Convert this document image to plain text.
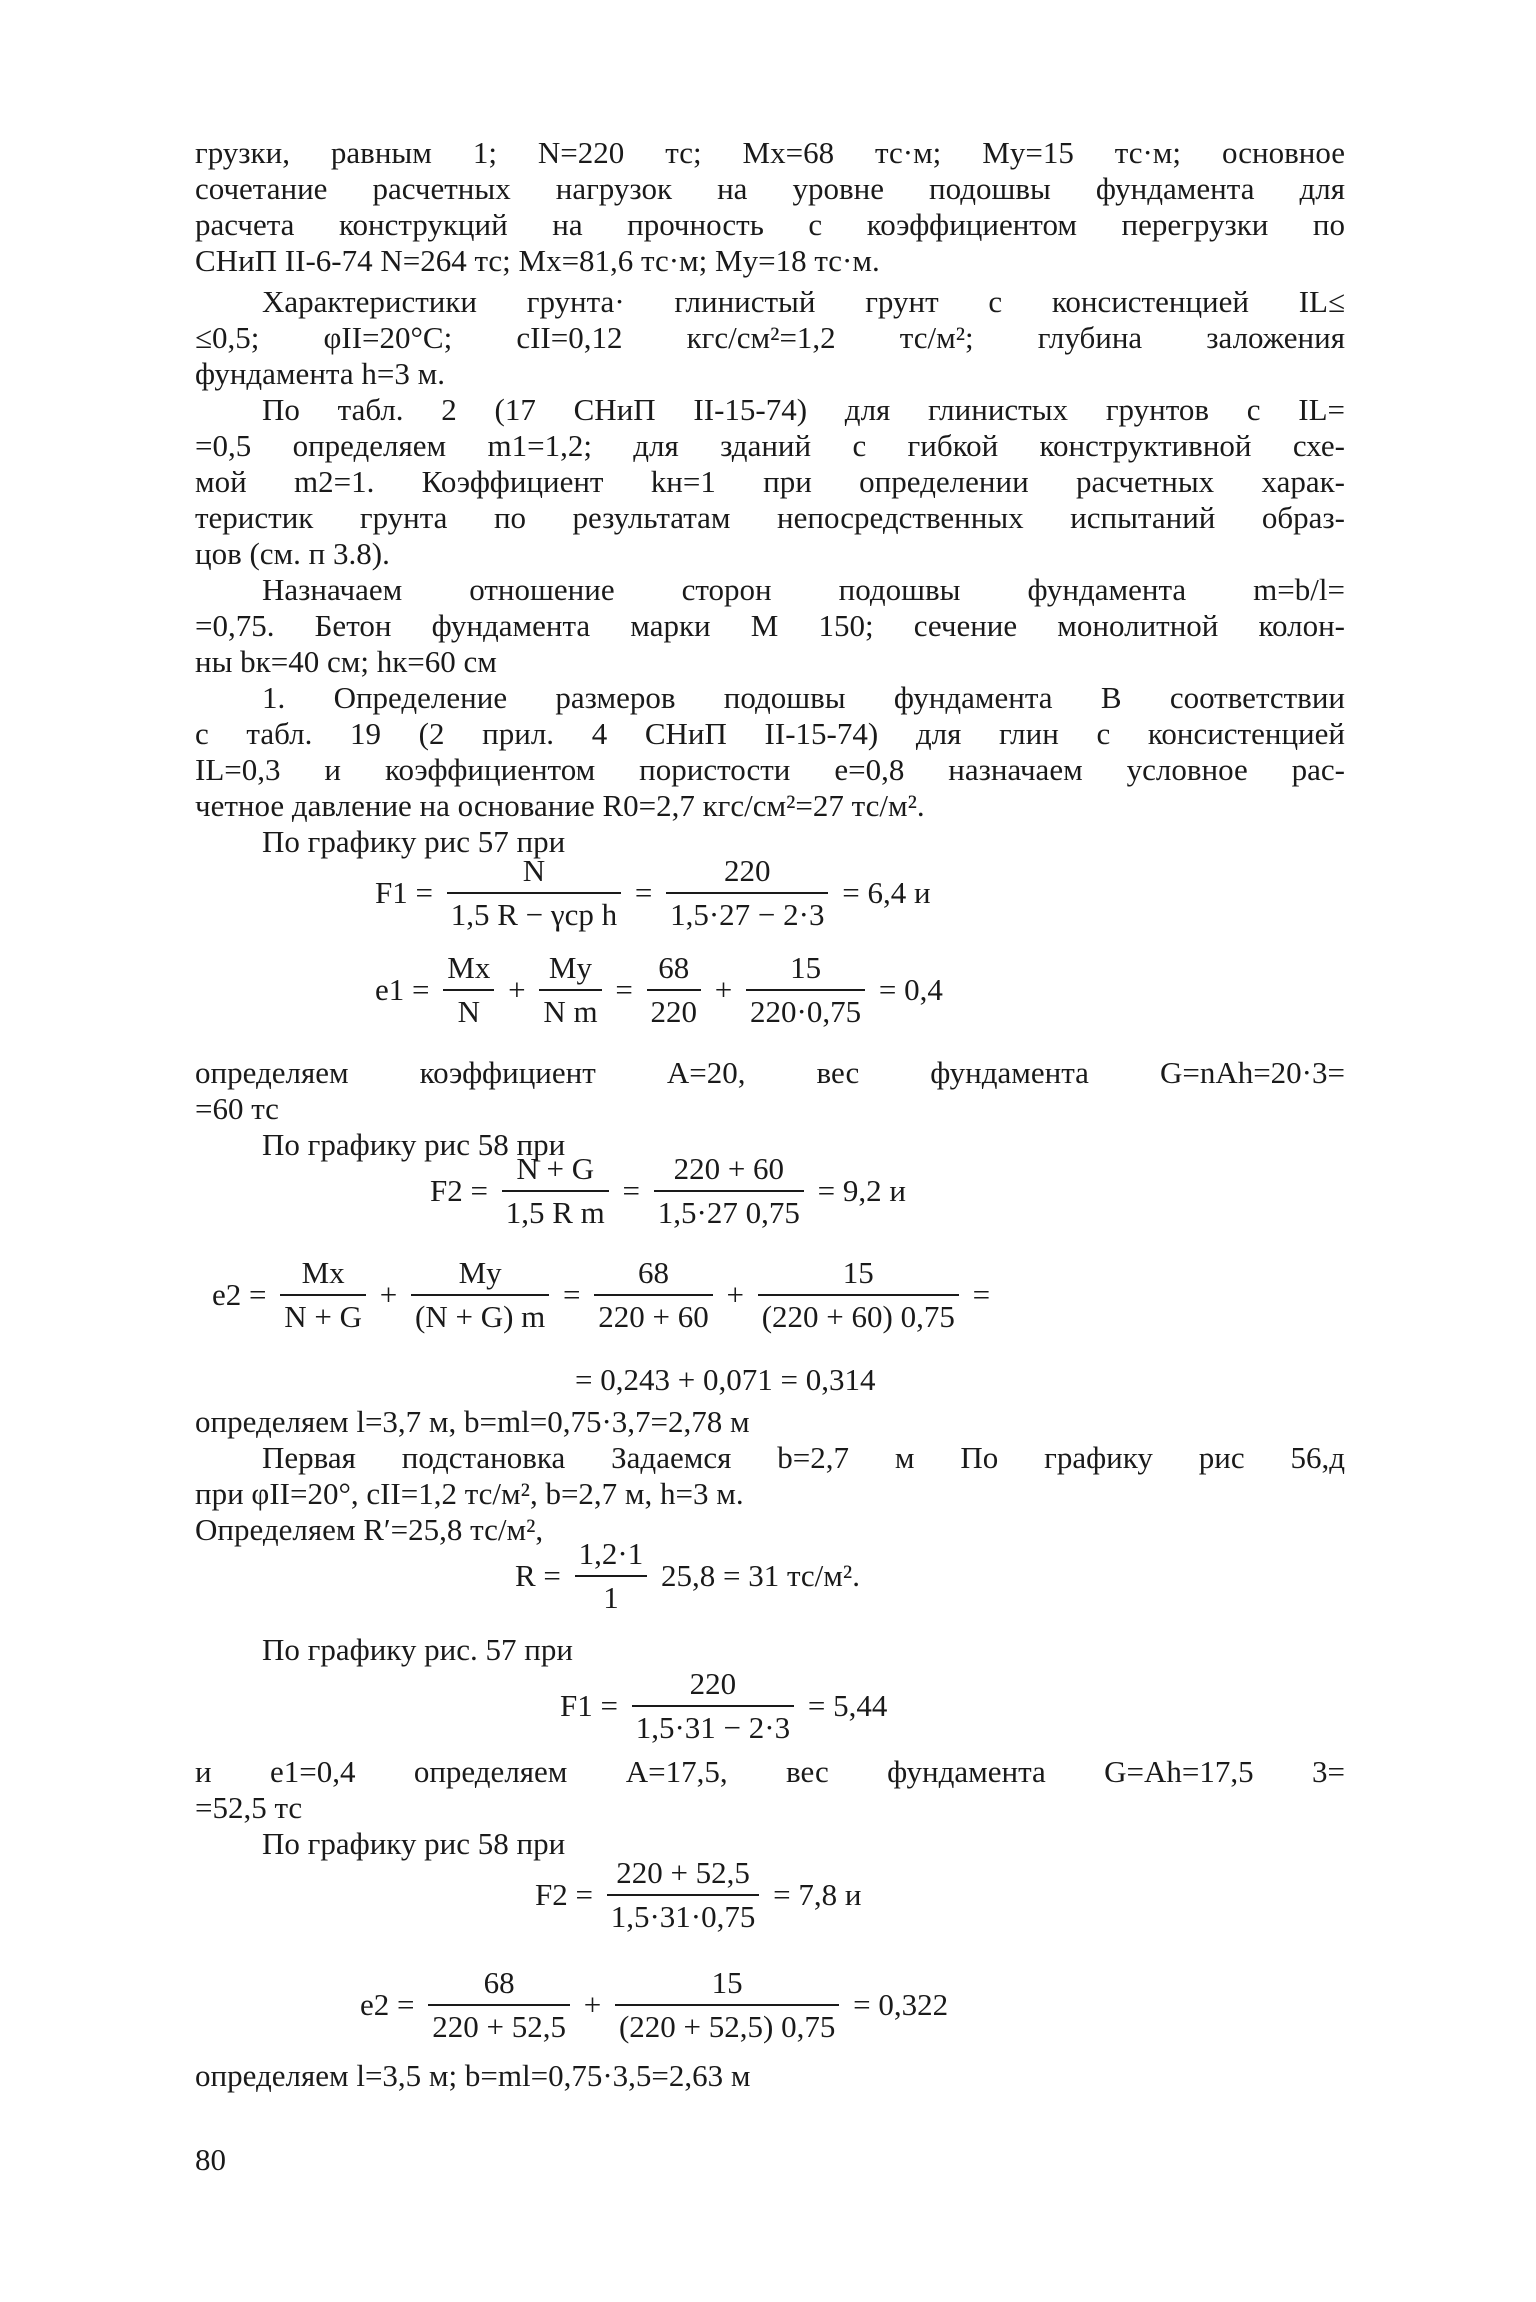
грузки, равным 1; N=220 тс; Mx=68 тс·м; My=15 тс·м; основное
сочетание расчетных нагрузок на уровне подошвы фундамента для
расчета конструкций на прочность с коэффициентом перегрузки по
СНиП II-6-74 N=264 тс; Mx=81,6 тс·м; My=18 тс·м.
Характеристики грунта· глинистый грунт с консистенцией IL≤
≤0,5; φII=20°С; cII=0,12 кгс/см²=1,2 тс/м²; глубина заложения
фундамента h=3 м.
По табл. 2 (17 СНиП II-15-74) для глинистых грунтов с IL=
=0,5 определяем m1=1,2; для зданий с гибкой конструктивной схе-
мой m2=1. Коэффициент kн=1 при определении расчетных харак-
теристик грунта по результатам непосредственных испытаний образ-
цов (см. п 3.8).
Назначаем отношение сторон подошвы фундамента m=b/l=
=0,75. Бетон фундамента марки М 150; сечение монолитной колон-
ны bк=40 см; hк=60 см
1. Определение размеров подошвы фундамента В соответствии
с табл. 19 (2 прил. 4 СНиП II-15-74) для глин с консистенцией
IL=0,3 и коэффициентом пористости e=0,8 назначаем условное рас-
четное давление на основание R0=2,7 кгс/см²=27 тс/м².
По графику рис 57 при
$F1 = \frac{N}{\text{1,5 R − γср h}} = \frac{220}{1,5\cdot 27 - 2\cdot 3} = 6,4$ и
$e1 = \frac{Mx}{N} + \frac{My}{\text{N m}} = \frac{68}{220} + \frac{15}{220\cdot 0,75} = 0,4$
определяем коэффициент A=20, вес фундамента G=nAh=20·3=
=60 тс
По графику рис 58 при
$F2 = \frac{N + G}{\text{1,5 R m}} = \frac{220 + 60}{1,5\cdot 27 0,75} = 9,2$ и
$e2 = \frac{Mx}{N + G} + \frac{My}{(N + G) m} = \frac{68}{220 + 60} + \frac{15}{(220 + 60) 0,75}$ =
= 0,243 + 0,071 = 0,314
определяем l=3,7 м, b=ml=0,75·3,7=2,78 м
Первая подстановка Задаемся b=2,7 м По графику рис 56,д
при φII=20°, cII=1,2 тс/м², b=2,7 м, h=3 м.
Определяем R′=25,8 тс/м²,
$R = \frac{1,2\cdot 1}{1} 25,8 = 31$ тс/м².
По графику рис. 57 при
$F1 = \frac{220}{1,5\cdot 31 - 2\cdot 3} = 5,44$
и e1=0,4 определяем A=17,5, вес фундамента G=Ah=17,5 3=
=52,5 тс
По графику рис 58 при
$F2 = \frac{220 + 52,5}{1,5\cdot 31\cdot 0,75} = 7,8$ и
$e2 = \frac{68}{220 + 52,5} + \frac{15}{(220 + 52,5) 0,75} = 0,322$
определяем l=3,5 м; b=ml=0,75·3,5=2,63 м
80
